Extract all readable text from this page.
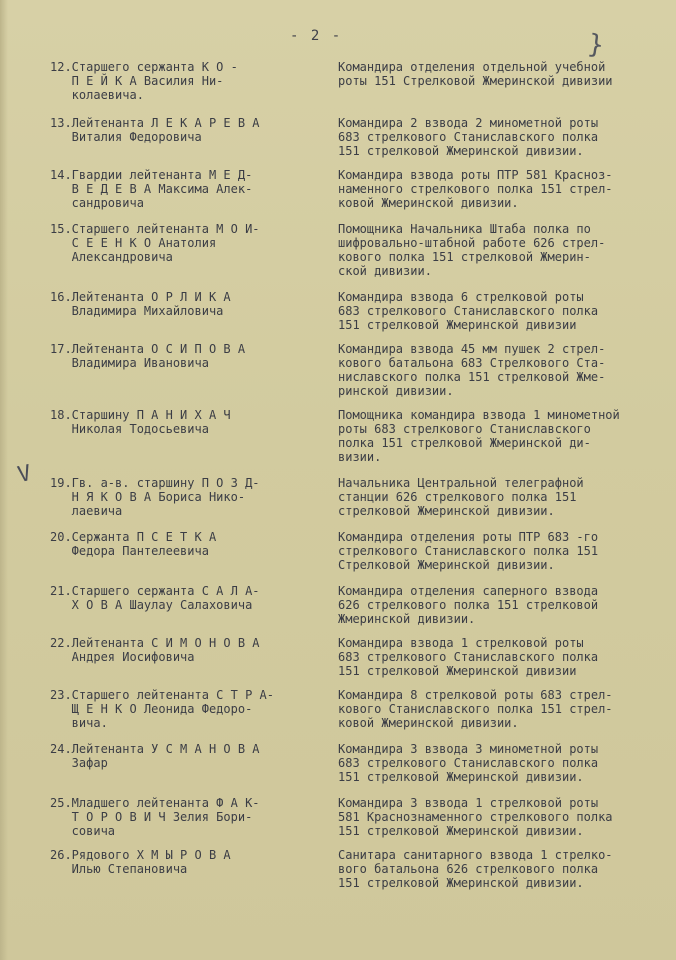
- 2 -	}
V
12.Старшего сержанта К О -
П Е Й К А Василия Ни-
колаевича.
Командира отделения отдельной учебной
роты 151 Стрелковой Жмеринской дивизии
13.Лейтенанта Л Е К А Р Е В А
Виталия Федоровича
Командира 2 взвода 2 минометной роты
683 стрелкового Станиславского полка
151 стрелковой Жмеринской дивизии.
14.Гвардии лейтенанта М Е Д-
В Е Д Е В А Максима Алек-
сандровича
Командира взвода роты ПТР 581 Красноз-
наменного стрелкового полка 151 стрел-
ковой Жмеринской дивизии.
15.Старшего лейтенанта М О И-
С Е Е Н К О Анатолия
Александровича
Помощника Начальника Штаба полка по
шифровально-штабной работе 626 стрел-
кового полка 151 стрелковой Жмерин-
ской дивизии.
16.Лейтенанта О Р Л И К А
Владимира Михайловича
Командира взвода 6 стрелковой роты
683 стрелкового Станиславского полка
151 стрелковой Жмеринской дивизии
17.Лейтенанта О С И П О В А
Владимира Ивановича
Командира взвода 45 мм пушек 2 стрел-
кового батальона 683 Стрелкового Ста-
ниславского полка 151 стрелковой Жме-
ринской дивизии.
18.Старшину П А Н И Х А Ч
Николая Тодосьевича
Помощника командира взвода 1 минометной
роты 683 стрелкового Станиславского
полка 151 стрелковой Жмеринской ди-
визии.
19.Гв. а-в. старшину П О З Д-
Н Я К О В А Бориса Нико-
лаевича
Начальника Центральной телеграфной
станции 626 стрелкового полка 151
стрелковой Жмеринской дивизии.
20.Сержанта П С Е Т К А
Федора Пантелеевича
Командира отделения роты ПТР 683 -го
стрелкового Станиславского полка 151
Стрелковой Жмеринской дивизии.
21.Старшего сержанта С А Л А-
Х О В А Шаулау Салаховича
Командира отделения саперного взвода
626 стрелкового полка 151 стрелковой
Жмеринской дивизии.
22.Лейтенанта С И М О Н О В А
Андрея Иосифовича
Командира взвода 1 стрелковой роты
683 стрелкового Станиславского полка
151 стрелковой Жмеринской дивизии
23.Старшего лейтенанта С Т Р А-
Щ Е Н К О Леонида Федоро-
вича.
Командира 8 стрелковой роты 683 стрел-
кового Станиславского полка 151 стрел-
ковой Жмеринской дивизии.
24.Лейтенанта У С М А Н О В А
Зафар
Командира 3 взвода 3 минометной роты
683 стрелкового Станиславского полка
151 стрелковой Жмеринской дивизии.
25.Младшего лейтенанта Ф А К-
Т О Р О В И Ч Зелия Бори-
совича
Командира 3 взвода 1 стрелковой роты
581 Краснознаменного стрелкового полка
151 стрелковой Жмеринской дивизии.
26.Рядового Х М Ы Р О В А
Илью Степановича
Санитара санитарного взвода 1 стрелко-
вого батальона 626 стрелкового полка
151 стрелковой Жмеринской дивизии.
